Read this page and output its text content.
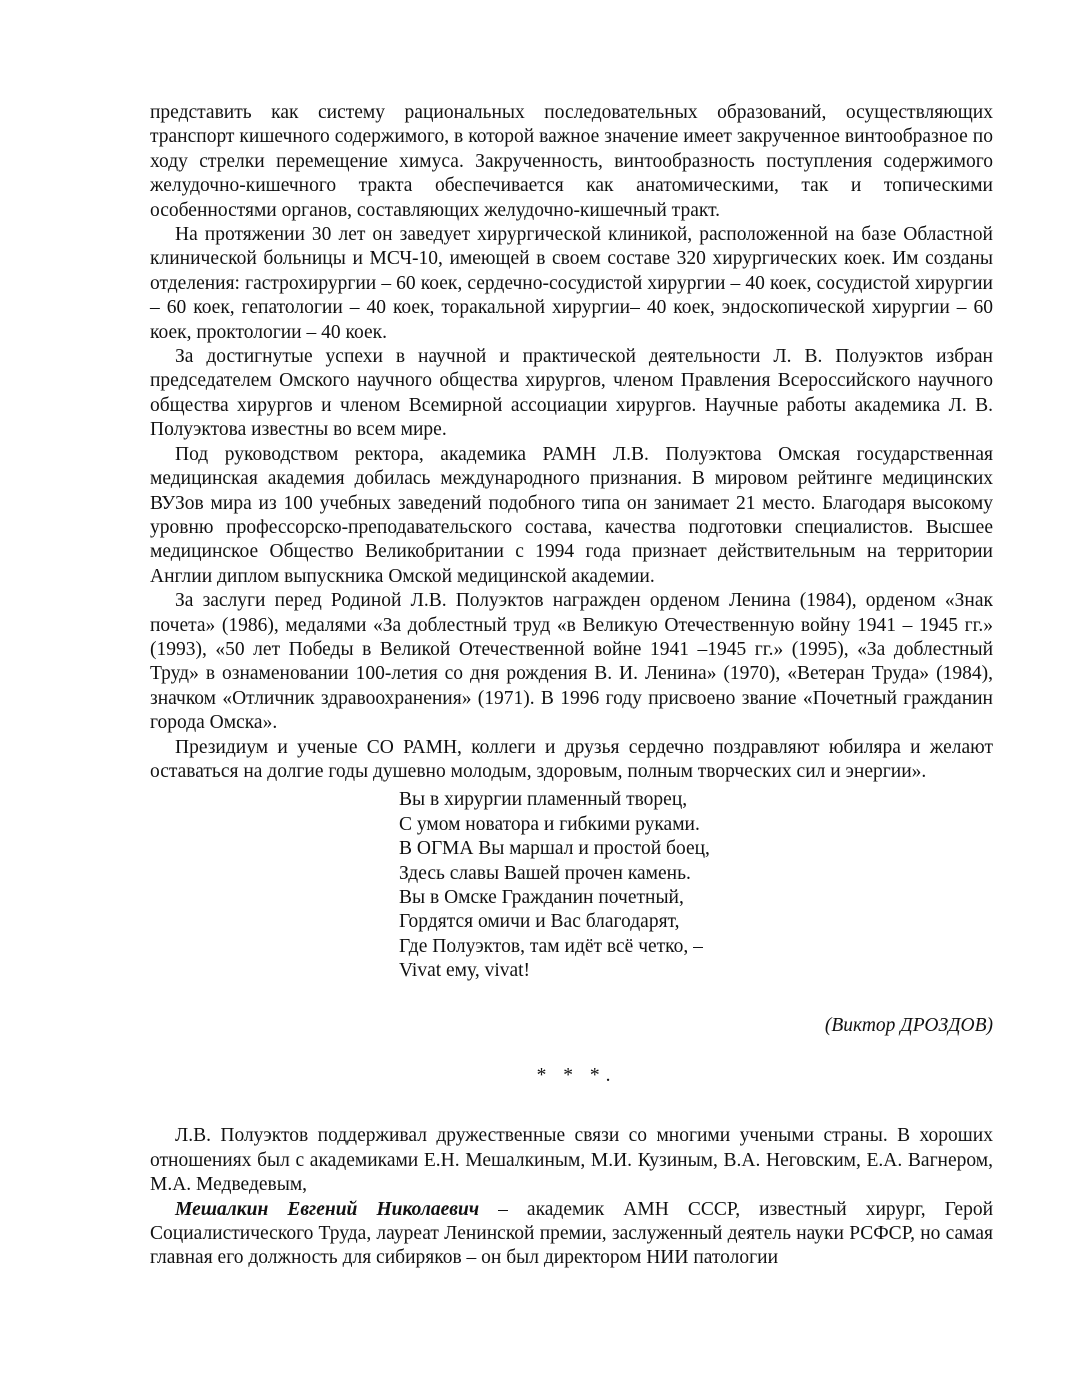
представить как систему рациональных последовательных образований, осуществляющих транспорт кишечного содержимого, в которой важное значение имеет закрученное винтообразное по ходу стрелки перемещение химуса. Закрученность, винтообразность поступления содержимого желудочно-кишечного тракта обеспечивается как анатомическими, так и топическими особенностями органов, составляющих желудочно-кишечный тракт.

На протяжении 30 лет он заведует хирургической клиникой, расположенной на базе Областной клинической больницы и МСЧ-10, имеющей в своем составе 320 хирургических коек. Им созданы отделения: гастрохирургии – 60 коек, сердечно-сосудистой хирургии – 40 коек, сосудистой хирургии – 60 коек, гепатологии – 40 коек, торакальной хирургии– 40 коек, эндоскопической хирургии – 60 коек, проктологии – 40 коек.

За достигнутые успехи в научной и практической деятельности Л. В. Полуэктов избран председателем Омского научного общества хирургов, членом Правления Всероссийского научного общества хирургов и членом Всемирной ассоциации хирургов. Научные работы академика Л. В. Полуэктова известны во всем мире.

Под руководством ректора, академика РАМН Л.В. Полуэктова Омская государственная медицинская академия добилась международного признания. В мировом рейтинге медицинских ВУЗов мира из 100 учебных заведений подобного типа он занимает 21 место. Благодаря высокому уровню профессорско-преподавательского состава, качества подготовки специалистов. Высшее медицинское Общество Великобритании с 1994 года признает действительным на территории Англии диплом выпускника Омской медицинской академии.

За заслуги перед Родиной Л.В. Полуэктов награжден орденом Ленина (1984), орденом «Знак почета» (1986), медалями «За доблестный труд «в Великую Отечественную войну 1941 – 1945 гг.» (1993), «50 лет Победы в Великой Отечественной войне 1941 –1945 гг.» (1995), «За доблестный Труд» в ознаменовании 100-летия со дня рождения В. И. Ленина» (1970), «Ветеран Труда» (1984), значком «Отличник здравоохранения» (1971). В 1996 году присвоено звание «Почетный гражданин города Омска».

Президиум и ученые СО РАМН, коллеги и друзья сердечно поздравляют юбиляра и желают оставаться на долгие годы душевно молодым, здоровым, полным творческих сил и энергии».

Вы в хирургии пламенный творец,
С умом новатора и гибкими руками.
В ОГМА Вы маршал и простой боец,
Здесь славы Вашей прочен камень.
Вы в Омске Гражданин почетный,
Гордятся омичи и Вас благодарят,
Где Полуэктов, там идёт всё четко, –
Vivat ему, vivat!
(Виктор ДРОЗДОВ)
* * *.

Л.В. Полуэктов поддерживал дружественные связи со многими учеными страны. В хороших отношениях был с академиками Е.Н. Мешалкиным, М.И. Кузиным, В.А. Неговским, Е.А. Вагнером, М.А. Медведевым,

Мешалкин Евгений Николаевич – академик АМН СССР, известный хирург, Герой Социалистического Труда, лауреат Ленинской премии, заслуженный деятель науки РСФСР, но самая главная его должность для сибиряков – он был директором НИИ патологии
